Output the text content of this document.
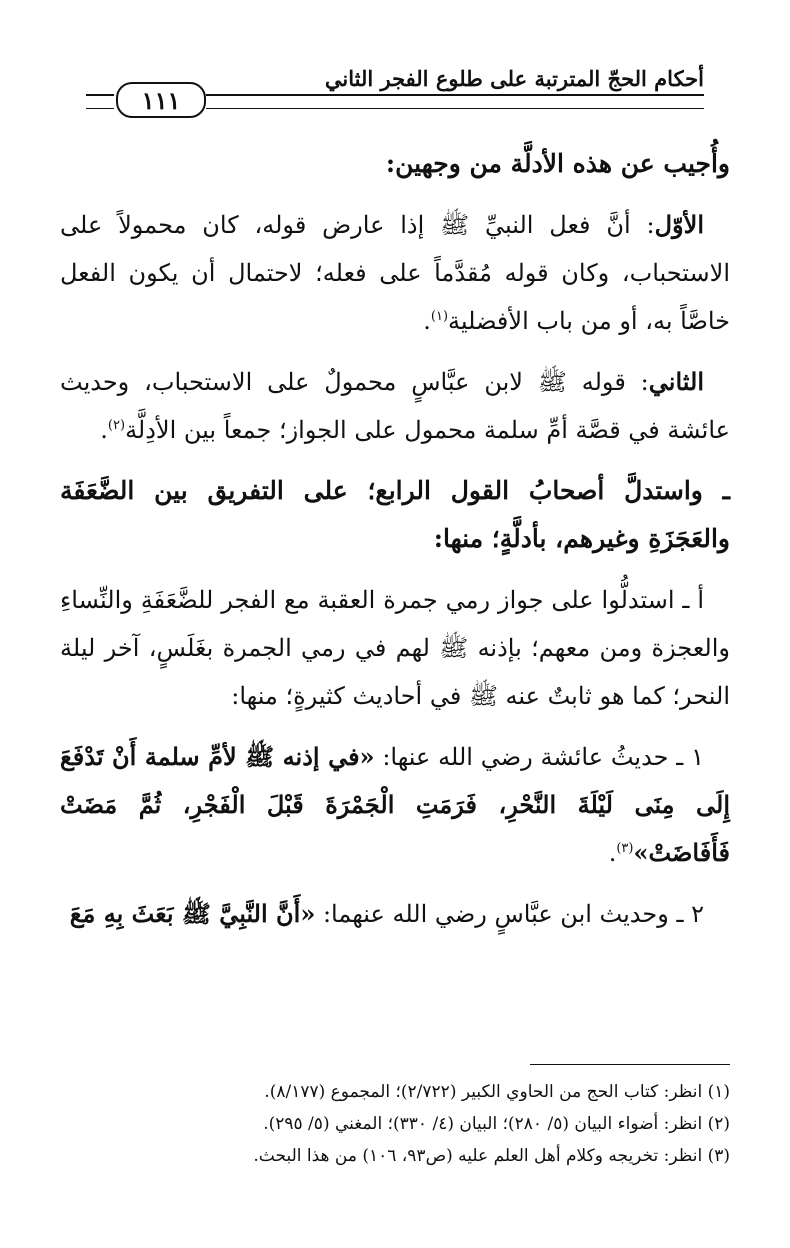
أحكام الحجّ المترتبة على طلوع الفجر الثاني
١١١

وأُجيب عن هذه الأدلَّة من وجهين:

الأوّل: أنَّ فعل النبيِّ ﷺ إذا عارض قوله، كان محمولاً على الاستحباب، وكان قوله مُقدَّماً على فعله؛ لاحتمال أن يكون الفعل خاصَّاً به، أو من باب الأفضلية$^{(١)}$.

الثاني: قوله ﷺ لابن عبَّاسٍ محمولٌ على الاستحباب، وحديث عائشة في قصَّة أمِّ سلمة محمول على الجواز؛ جمعاً بين الأدِلَّة$^{(٢)}$.

ـ واستدلَّ أصحابُ القول الرابع؛ على التفريق بين الضَّعَفَة والعَجَزَةِ وغيرهم، بأدلَّةٍ؛ منها:

أ ـ استدلُّوا على جواز رمي جمرة العقبة مع الفجر للضَّعَفَةِ والنِّساءِ والعجزة ومن معهم؛ بإذنه ﷺ لهم في رمي الجمرة بغَلَسٍ، آخر ليلة النحر؛ كما هو ثابتٌ عنه ﷺ في أحاديث كثيرةٍ؛ منها:

١ ـ حديثُ عائشة رضي الله عنها: «في إذنه ﷺ لأمِّ سلمة أَنْ تَدْفَعَ إِلَى مِنَى لَيْلَةَ النَّحْرِ، فَرَمَتِ الْجَمْرَةَ قَبْلَ الْفَجْرِ، ثُمَّ مَضَتْ فَأَفَاضَتْ»$^{(٣)}$.

٢ ـ وحديث ابن عبَّاسٍ رضي الله عنهما: «أَنَّ النَّبِيَّ ﷺ بَعَثَ بِهِ مَعَ

(١) انظر: كتاب الحج من الحاوي الكبير (٢/٧٢٢)؛ المجموع (٨/١٧٧).
(٢) انظر: أضواء البيان (٥/ ٢٨٠)؛ البيان (٤/ ٣٣٠)؛ المغني (٥/ ٢٩٥).
(٣) انظر: تخريجه وكلام أهل العلم عليه (ص٩٣، ١٠٦) من هذا البحث.
